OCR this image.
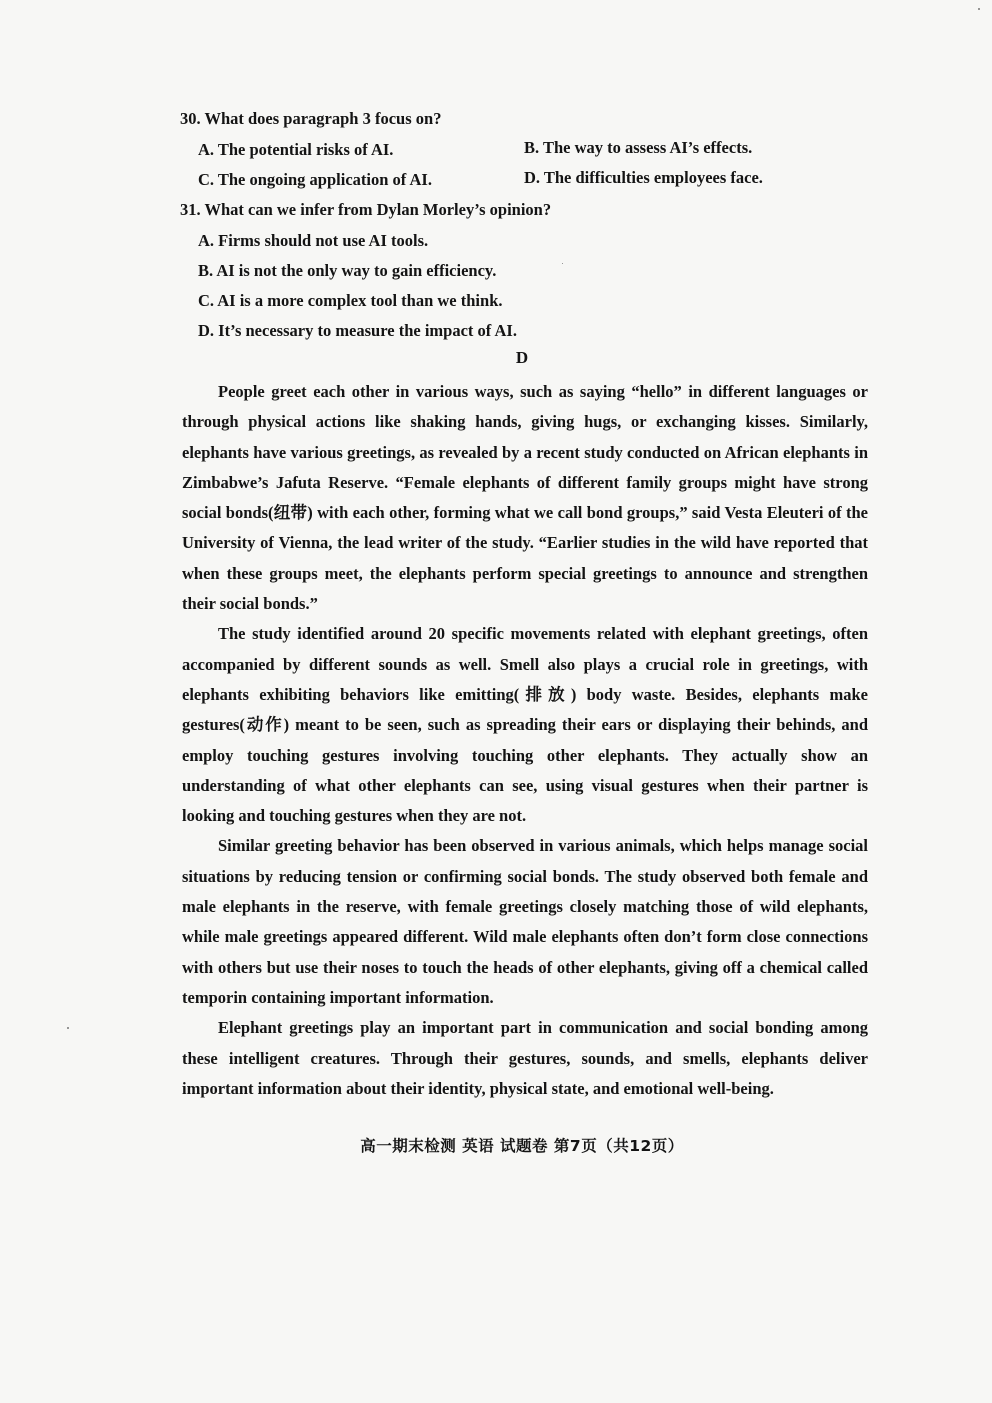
30. What does paragraph 3 focus on?
A. The potential risks of AI.	B. The way to assess AI’s effects.
C. The ongoing application of AI.	D. The difficulties employees face.
31. What can we infer from Dylan Morley’s opinion?
A. Firms should not use AI tools.
B. AI is not the only way to gain efficiency.
C. AI is a more complex tool than we think.
D. It’s necessary to measure the impact of AI.
D

People greet each other in various ways, such as saying “hello” in different languages or through physical actions like shaking hands, giving hugs, or exchanging kisses. Similarly, elephants have various greetings, as revealed by a recent study conducted on African elephants in Zimbabwe’s Jafuta Reserve. “Female elephants of different family groups might have strong social bonds(纽带) with each other, forming what we call bond groups,” said Vesta Eleuteri of the University of Vienna, the lead writer of the study. “Earlier studies in the wild have reported that when these groups meet, the elephants perform special greetings to announce and strengthen their social bonds.”

The study identified around 20 specific movements related with elephant greetings, often accompanied by different sounds as well. Smell also plays a crucial role in greetings, with elephants exhibiting behaviors like emitting(排放) body waste. Besides, elephants make gestures(动作) meant to be seen, such as spreading their ears or displaying their behinds, and employ touching gestures involving touching other elephants. They actually show an understanding of what other elephants can see, using visual gestures when their partner is looking and touching gestures when they are not.

Similar greeting behavior has been observed in various animals, which helps manage social situations by reducing tension or confirming social bonds. The study observed both female and male elephants in the reserve, with female greetings closely matching those of wild elephants, while male greetings appeared different. Wild male elephants often don’t form close connections with others but use their noses to touch the heads of other elephants, giving off a chemical called temporin containing important information.

Elephant greetings play an important part in communication and social bonding among these intelligent creatures. Through their gestures, sounds, and smells, elephants deliver important information about their identity, physical state, and emotional well-being.

高一期末检测 英语 试题卷 第7页（共12页）
